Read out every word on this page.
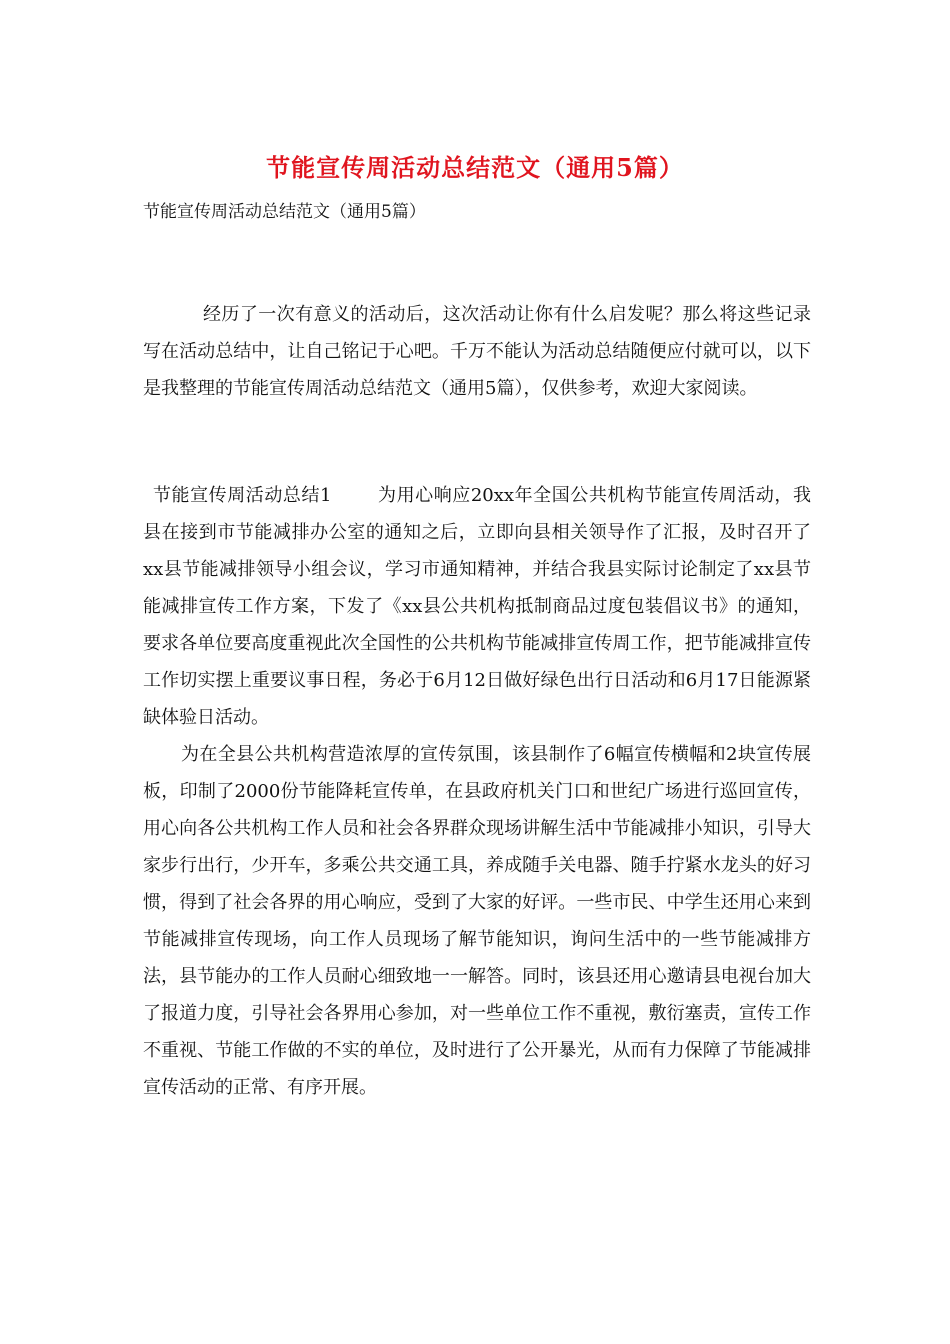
节能宣传周活动总结范文（通用5篇）

节能宣传周活动总结范文（通用5篇）

经历了一次有意义的活动后，这次活动让你有什么启发呢？那么将这些记录写在活动总结中，让自己铭记于心吧。千万不能认为活动总结随便应付就可以，以下是我整理的节能宣传周活动总结范文（通用5篇），仅供参考，欢迎大家阅读。

节能宣传周活动总结1	为用心响应20xx年全国公共机构节能宣传周活动，我县在接到市节能减排办公室的通知之后，立即向县相关领导作了汇报，及时召开了xx县节能减排领导小组会议，学习市通知精神，并结合我县实际讨论制定了xx县节能减排宣传工作方案，下发了《xx县公共机构抵制商品过度包装倡议书》的通知，要求各单位要高度重视此次全国性的公共机构节能减排宣传周工作，把节能减排宣传工作切实摆上重要议事日程，务必于6月12日做好绿色出行日活动和6月17日能源紧缺体验日活动。

为在全县公共机构营造浓厚的宣传氛围，该县制作了6幅宣传横幅和2块宣传展板，印制了2000份节能降耗宣传单，在县政府机关门口和世纪广场进行巡回宣传，用心向各公共机构工作人员和社会各界群众现场讲解生活中节能减排小知识，引导大家步行出行，少开车，多乘公共交通工具，养成随手关电器、随手拧紧水龙头的好习惯，得到了社会各界的用心响应，受到了大家的好评。一些市民、中学生还用心来到节能减排宣传现场，向工作人员现场了解节能知识，询问生活中的一些节能减排方法，县节能办的工作人员耐心细致地一一解答。同时，该县还用心邀请县电视台加大了报道力度，引导社会各界用心参加，对一些单位工作不重视，敷衍塞责，宣传工作不重视、节能工作做的不实的单位，及时进行了公开暴光，从而有力保障了节能减排宣传活动的正常、有序开展。
